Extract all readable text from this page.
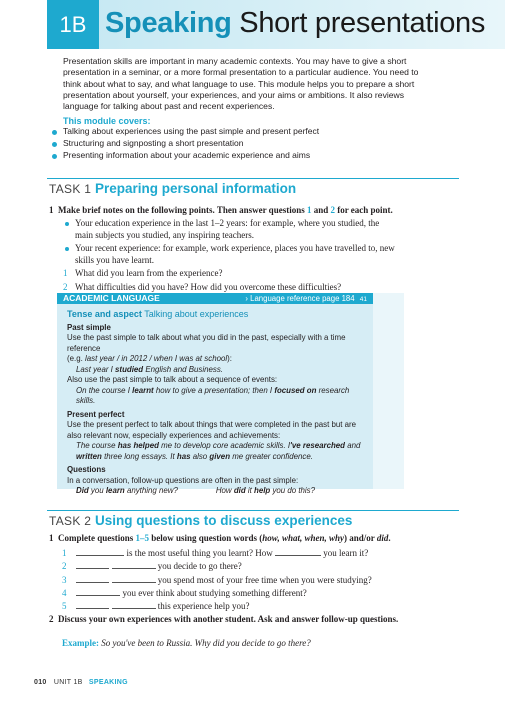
1B Speaking Short presentations
Presentation skills are important in many academic contexts. You may have to give a short presentation in a seminar, or a more formal presentation to a particular audience. You need to think about what to say, and what language to use. This module helps you to prepare a short presentation about yourself, your experiences, and your aims or ambitions. It also reviews language for talking about past and recent experiences.
This module covers:
Talking about experiences using the past simple and present perfect
Structuring and signposting a short presentation
Presenting information about your academic experience and aims
TASK 1 Preparing personal information
1 Make brief notes on the following points. Then answer questions 1 and 2 for each point.
Your education experience in the last 1–2 years: for example, where you studied, the main subjects you studied, any inspiring teachers.
Your recent experience: for example, work experience, places you have travelled to, new skills you have learnt.
1 What did you learn from the experience?
2 What difficulties did you have? How did you overcome these difficulties?
ACADEMIC LANGUAGE	› Language reference page 184 41
Tense and aspect Talking about experiences
Past simple
Use the past simple to talk about what you did in the past, especially with a time reference
(e.g. last year / in 2012 / when I was at school):
Last year I studied English and Business.
Also use the past simple to talk about a sequence of events:
On the course I learnt how to give a presentation; then I focused on research skills.
Present perfect
Use the present perfect to talk about things that were completed in the past but are also relevant now, especially experiences and achievements:
The course has helped me to develop core academic skills. I've researched and written three long essays. It has also given me greater confidence.
Questions
In a conversation, follow-up questions are often in the past simple:
Did you learn anything new?	How did it help you do this?
TASK 2 Using questions to discuss experiences
1 Complete questions 1–5 below using question words (how, what, when, why) and/or did.
1	is the most useful thing you learnt? How	you learn it?
2	you decide to go there?
3	you spend most of your free time when you were studying?
4	you ever think about studying something different?
5	this experience help you?
2 Discuss your own experiences with another student. Ask and answer follow-up questions.
Example: So you've been to Russia. Why did you decide to go there?
010 UNIT 1B SPEAKING
